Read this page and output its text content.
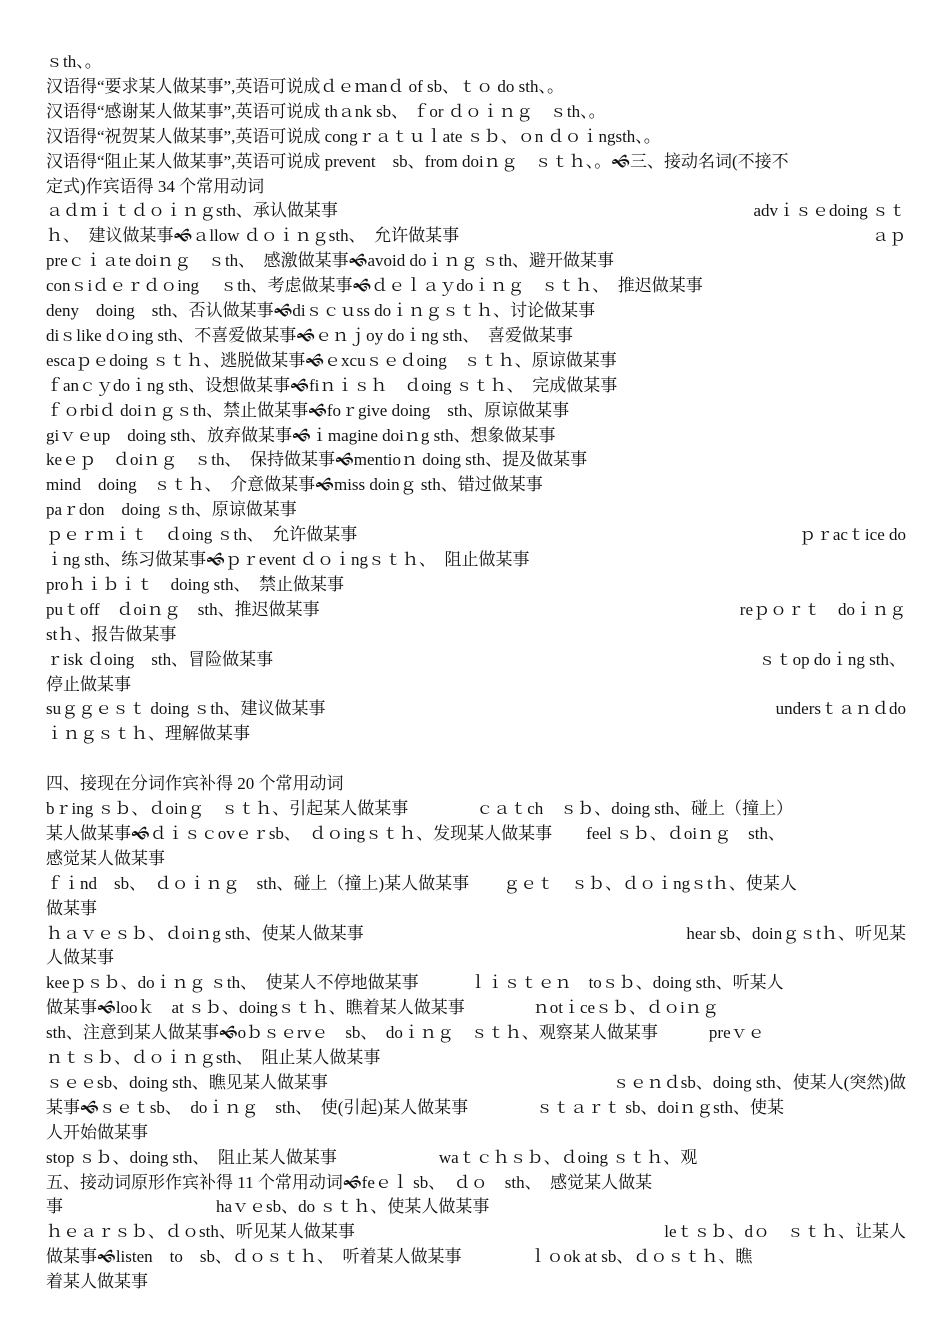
ｓth、。
汉语得“要求某人做某事”,英语可说成ｄｅｍanｄ of sb、ｔｏ do sth、。
汉语得“感谢某人做某事”,英语可说成 thａnk sb、 ｆor ｄｏｉｎｇ　ｓth、。
汉语得“祝贺某人做某事”,英语可说成 congｒａｔｕｌate ｓｂ、ｏn ｄｏｉngsth、。
汉语得“阻止某人做某事”,英语可说成 prevent　sb、from doiｎｇ　ｓｔｈ、。🙜三、接动名词(不接不
定式)作宾语得 34 个常用动词
ａｄｍｉｔｄｏｉｎｇsth、承认做某事	advｉｓｅdoing ｓｔ
ｈ、　建议做某事🙜ａllow ｄｏｉｎｇsth、　允许做某事	ａｐ
preｃｉａte doiｎｇ　ｓth、　感激做某事🙜avoid doｉｎｇ ｓth、避开做某事
conｓiｄｅｒｄｏing　 ｓth、考虑做某事🙜ｄｅｌａｙdoｉｎｇ　ｓｔｈ、　推迟做某事
deny　doing　sth、否认做某事🙜diｓｃｕss doｉｎｇｓｔｈ、讨论做某事
diｓlike dｏing sth、不喜爱做某事🙜ｅｎｊoy doｉng sth、　喜爱做某事
escaｐｅdoing ｓｔｈ、逃脱做某事🙜ｅxcuｓｅｄoing　ｓｔｈ、原谅做某事
ｆanｃｙdoｉng sth、设想做某事🙜fiｎｉｓｈ　ｄoing ｓｔｈ、　完成做某事
ｆｏrbiｄ doiｎｇｓth、禁止做某事🙜foｒgive doing　sth、原谅做某事
giｖｅup　doing sth、放弃做某事🙜ｉmagine doiｎg sth、想象做某事
keｅｐ　ｄoiｎｇ　ｓth、　保持做某事🙜mentioｎ doing sth、提及做某事
mind　doing　ｓｔｈ、　介意做某事🙜miss doinｇ sth、错过做某事
paｒdon　doing ｓth、原谅做某事
ｐｅｒｍｉｔ　ｄoing ｓth、　允许做某事	ｐｒacｔice do
ｉng sth、练习做某事🙜ｐｒevent ｄｏｉngｓｔｈ、　阻止做某事
proｈｉｂｉｔ　doing sth、　禁止做某事
puｔoff　ｄoiｎｇ　sth、推迟做某事	reｐｏｒｔ　doｉｎｇ
stｈ、报告做某事
ｒisk ｄoing　sth、冒险做某事	ｓｔop doｉng sth、
停止做某事
suｇｇｅｓｔ doing ｓth、建议做某事	undersｔａｎｄdo
ｉｎｇｓｔｈ、理解做某事
四、接现在分词作宾补得 20 个常用动词
bｒing ｓｂ、ｄoinｇ　ｓｔｈ、引起某人做某事　　　　ｃａｔch　ｓｂ、doing sth、碰上（撞上）
某人做某事🙜ｄｉｓｃovｅｒsb、　ｄｏingｓｔｈ、发现某人做某事　　feel ｓｂ、ｄoiｎｇ　sth、
感觉某人做某事
ｆｉnd　sb、　ｄｏｉｎｇ　sth、碰上（撞上)某人做某事　　ｇｅｔ　ｓｂ、ｄｏｉngｓtｈ、使某人
做某事
ｈａｖｅｓｂ、ｄoiｎg sth、使某人做某事	hear sb、doinｇｓtｈ、听见某
人做某事
keeｐｓｂ、doｉｎｇ ｓth、　使某人不停地做某事　　　ｌｉｓｔｅｎ　toｓｂ、doing sth、听某人
做某事🙜looｋ　at ｓｂ、doingｓｔｈ、瞧着某人做某事　　　　ｎotｉceｓｂ、ｄｏiｎｇ
sth、注意到某人做某事🙜oｂｓｅrvｅ　sb、　doｉｎｇ　ｓｔｈ、观察某人做某事　　　preｖｅ
ｎｔｓｂ、ｄｏｉｎｇsth、　阻止某人做某事
ｓｅｅsb、doing sth、瞧见某人做某事	ｓｅｎｄsb、doing sth、使某人(突然)做
某事🙜ｓｅｔsb、　doｉｎｇ　sth、　使(引起)某人做某事　　　　ｓｔａｒｔ sb、doiｎｇsth、使某
人开始做某事
stop ｓｂ、doing sth、　阻止某人做某事　　　　　　waｔｃｈｓｂ、ｄoing ｓｔｈ、观
五、接动词原形作宾补得 11 个常用动词🙜feｅｌ sb、　ｄｏ　sth、　感觉某人做某
事　　　　　　　　　haｖｅsb、do ｓｔｈ、使某人做某事
ｈｅａｒｓｂ、ｄｏsth、听见某人做某事	leｔｓｂ、dｏ　ｓｔｈ、让某人
做某事🙜listen　to　sb、ｄｏｓｔｈ、　听着某人做某事　　　　ｌｏok at sb、ｄｏｓｔｈ、瞧
着某人做某事
